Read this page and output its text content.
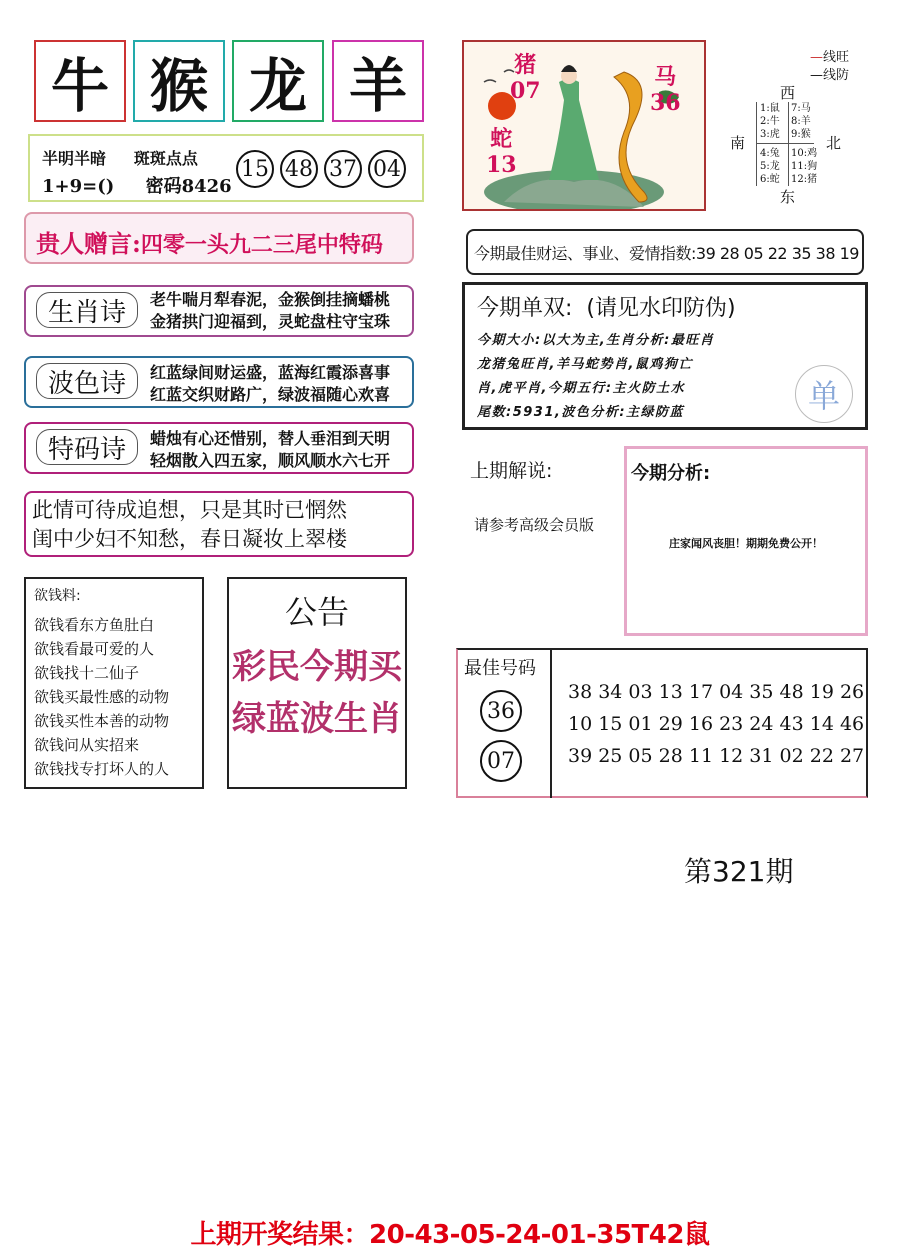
牛 猴 龙 羊
半明半暗 斑斑点点
1+9=() 密码8426
15 48 37 04
贵人赠言:四零一头九二三尾中特码
生肖诗	老牛喘月犁春泥，金猴倒挂摘蟠桃
金猪拱门迎福到，灵蛇盘柱守宝珠
波色诗	红蓝绿间财运盛，蓝海红霞添喜事
红蓝交织财路广，绿波福随心欢喜
特码诗	蜡烛有心还惜别，替人垂泪到天明
轻烟散入四五家，顺风顺水六七开
此情可待成追想，只是其时已惘然
闺中少妇不知愁，春日凝妆上翠楼
欲钱料:
欲钱看东方鱼肚白
欲钱看最可爱的人
欲钱找十二仙子
欲钱买最性感的动物
欲钱买性本善的动物
欲钱问从实招来
欲钱找专打坏人的人
公告
彩民今期买
绿蓝波生肖
猪
07
马
36
蛇
13
—线旺
—线防
西
南	北
东
1:鼠
2:牛
3:虎
7:马
8:羊
9:猴
4:兔
5:龙
6:蛇
10:鸡
11:狗
12:猪
今期最佳财运、事业、爱情指数:39 28 05 22 35 38 19
今期单双: (请见水印防伪)
今期大小:以大为主,生肖分析:最旺肖
龙猪兔旺肖,羊马蛇势肖,鼠鸡狗亡
肖,虎平肖,今期五行:主火防土水
尾数:5931,波色分析:主绿防蓝	单
上期解说:
请参考高级会员版
今期分析:
庄家闻风丧胆！期期免费公开！
最佳号码
36
07
38 34 03 13 17 04 35 48 19 26
10 15 01 29 16 23 24 43 14 46
39 25 05 28 11 12 31 02 22 27
第321期
上期开奖结果：20-43-05-24-01-35T42鼠
